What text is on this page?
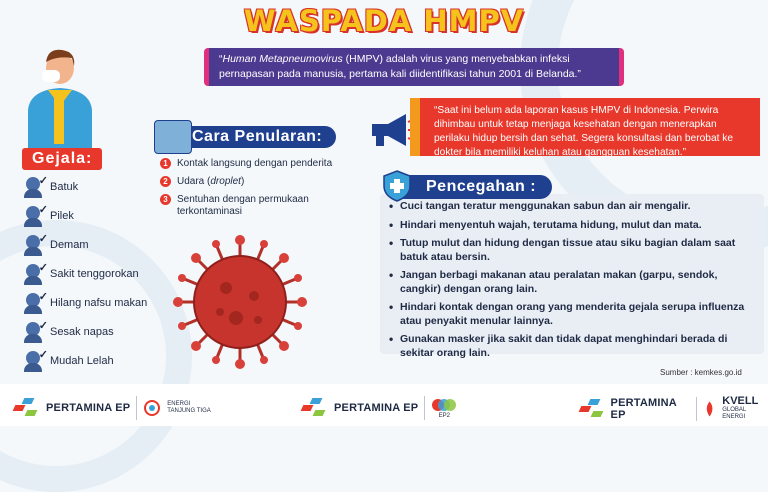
WASPADA HMPV
“Human Metapneumovirus (HMPV) adalah virus yang menyebabkan infeksi pernapasan pada manusia, pertama kali diidentifikasi tahun 2001 di Belanda.”
Gejala:
✓ Batuk
✓ Pilek
✓ Demam
✓ Sakit tenggorokan
✓ Hilang nafsu makan
✓ Sesak napas
✓ Mudah Lelah
Cara Penularan:
1 Kontak langsung dengan penderita
2 Udara (droplet)
3 Sentuhan dengan permukaan terkontaminasi
“Saat ini belum ada laporan kasus HMPV di Indonesia. Perwira dihimbau untuk tetap menjaga kesehatan dengan menerapkan perilaku hidup bersih dan sehat. Segera konsultasi dan berobat ke dokter bila memiliki keluhan atau gangguan kesehatan.”
Pencegahan :
• Cuci tangan teratur menggunakan sabun dan air mengalir.
• Hindari menyentuh wajah, terutama hidung, mulut dan mata.
• Tutup mulut dan hidung dengan tissue atau siku bagian dalam saat batuk atau bersin.
• Jangan berbagi makanan atau peralatan makan (garpu, sendok, cangkir) dengan orang lain.
• Hindari kontak dengan orang yang menderita gejala serupa influenza atau penyakit menular lainnya.
• Gunakan masker jika sakit dan tidak dapat menghindari berada di sekitar orang lain.
Sumber : kemkes.go.id
PERTAMINA EP	ENERGI
TANJUNG TIGA	PERTAMINA EP
EP2
PERTAMINA EP
KVELL
GLOBAL ENERGI
